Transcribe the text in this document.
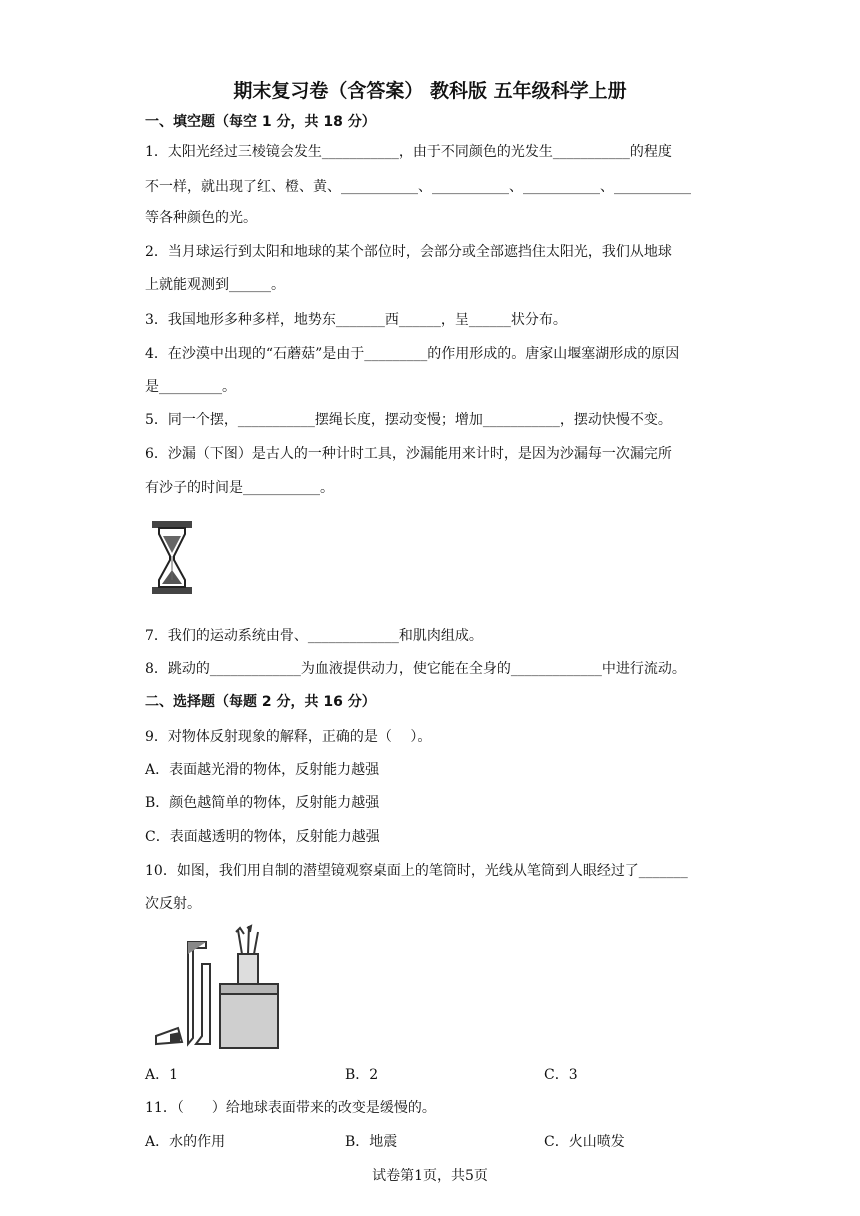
期末复习卷（含答案） 教科版 五年级科学上册
一、填空题（每空 1 分，共 18 分）
1．太阳光经过三棱镜会发生___________，由于不同颜色的光发生___________的程度
不一样，就出现了红、橙、黄、___________、___________、___________、___________
等各种颜色的光。
2．当月球运行到太阳和地球的某个部位时，会部分或全部遮挡住太阳光，我们从地球
上就能观测到______。
3．我国地形多种多样，地势东_______西______，呈______状分布。
4．在沙漠中出现的“石蘑菇”是由于_________的作用形成的。唐家山堰塞湖形成的原因
是_________。
5．同一个摆，___________摆绳长度，摆动变慢；增加___________，摆动快慢不变。
6．沙漏（下图）是古人的一种计时工具，沙漏能用来计时，是因为沙漏每一次漏完所
有沙子的时间是___________。
7．我们的运动系统由骨、_____________和肌肉组成。
8．跳动的_____________为血液提供动力，使它能在全身的_____________中进行流动。
二、选择题（每题 2 分，共 16 分）
9．对物体反射现象的解释，正确的是（　 ）。
A．表面越光滑的物体，反射能力越强
B．颜色越简单的物体，反射能力越强
C．表面越透明的物体，反射能力越强
10．如图，我们用自制的潜望镜观察桌面上的笔筒时，光线从笔筒到人眼经过了_______
次反射。
A．1	B．2	C．3
11．（　　）给地球表面带来的改变是缓慢的。
A．水的作用	B．地震	C．火山喷发
试卷第1页，共5页
